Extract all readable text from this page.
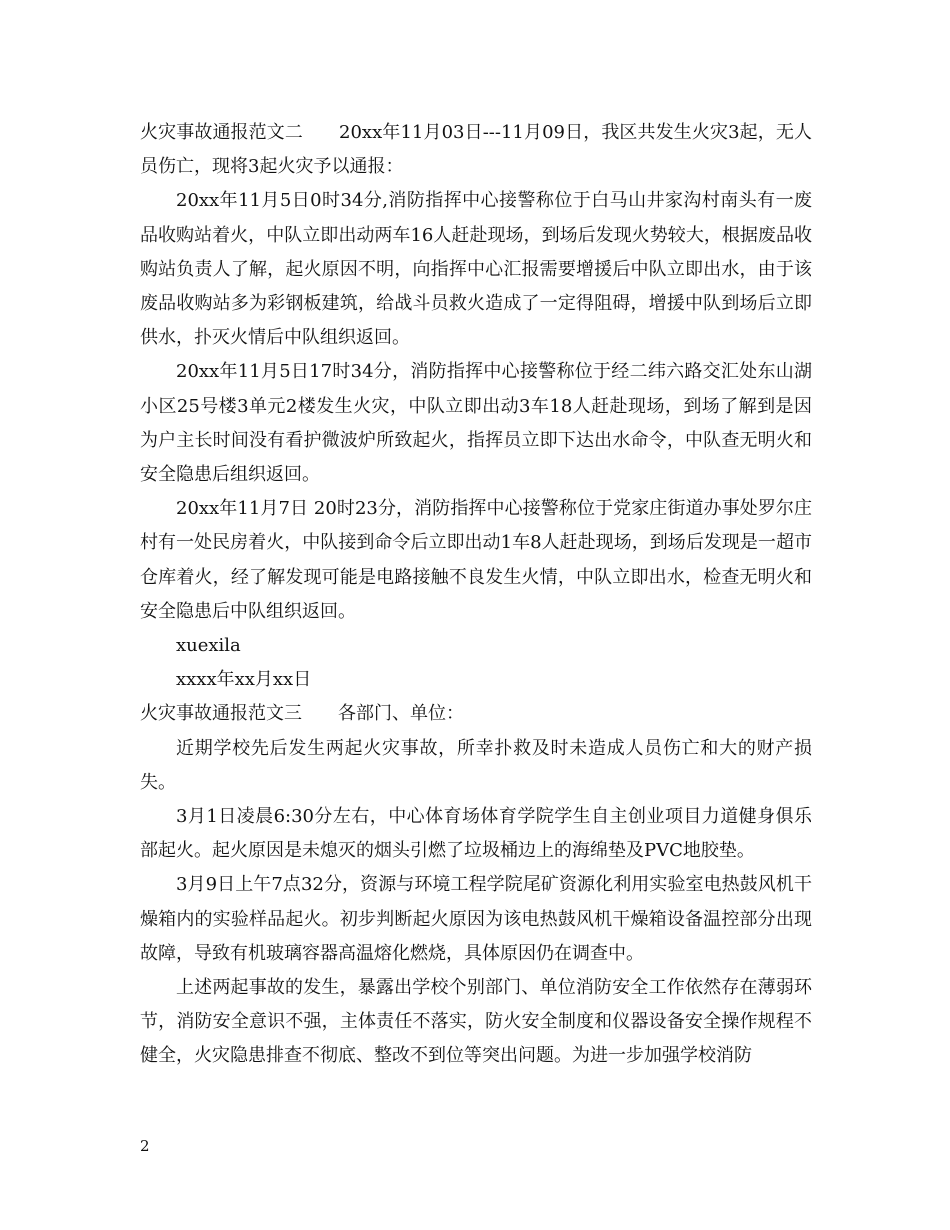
火灾事故通报范文二 20xx年11月03日---11月09日，我区共发生火灾3起，无人员伤亡，现将3起火灾予以通报：

20xx年11月5日0时34分,消防指挥中心接警称位于白马山井家沟村南头有一废品收购站着火，中队立即出动两车16人赶赴现场，到场后发现火势较大，根据废品收购站负责人了解，起火原因不明，向指挥中心汇报需要增援后中队立即出水，由于该废品收购站多为彩钢板建筑，给战斗员救火造成了一定得阻碍，增援中队到场后立即供水，扑灭火情后中队组织返回。

20xx年11月5日17时34分，消防指挥中心接警称位于经二纬六路交汇处东山湖小区25号楼3单元2楼发生火灾，中队立即出动3车18人赶赴现场，到场了解到是因为户主长时间没有看护微波炉所致起火，指挥员立即下达出水命令，中队查无明火和安全隐患后组织返回。

20xx年11月7日 20时23分，消防指挥中心接警称位于党家庄街道办事处罗尔庄村有一处民房着火，中队接到命令后立即出动1车8人赶赴现场，到场后发现是一超市仓库着火，经了解发现可能是电路接触不良发生火情，中队立即出水，检查无明火和安全隐患后中队组织返回。

xuexila

xxxx年xx月xx日

火灾事故通报范文三 各部门、单位：

近期学校先后发生两起火灾事故，所幸扑救及时未造成人员伤亡和大的财产损失。

3月1日凌晨6:30分左右，中心体育场体育学院学生自主创业项目力道健身俱乐部起火。起火原因是未熄灭的烟头引燃了垃圾桶边上的海绵垫及PVC地胶垫。

3月9日上午7点32分，资源与环境工程学院尾矿资源化利用实验室电热鼓风机干燥箱内的实验样品起火。初步判断起火原因为该电热鼓风机干燥箱设备温控部分出现故障，导致有机玻璃容器高温熔化燃烧，具体原因仍在调查中。

上述两起事故的发生，暴露出学校个别部门、单位消防安全工作依然存在薄弱环节，消防安全意识不强，主体责任不落实，防火安全制度和仪器设备安全操作规程不健全，火灾隐患排查不彻底、整改不到位等突出问题。为进一步加强学校消防

2
